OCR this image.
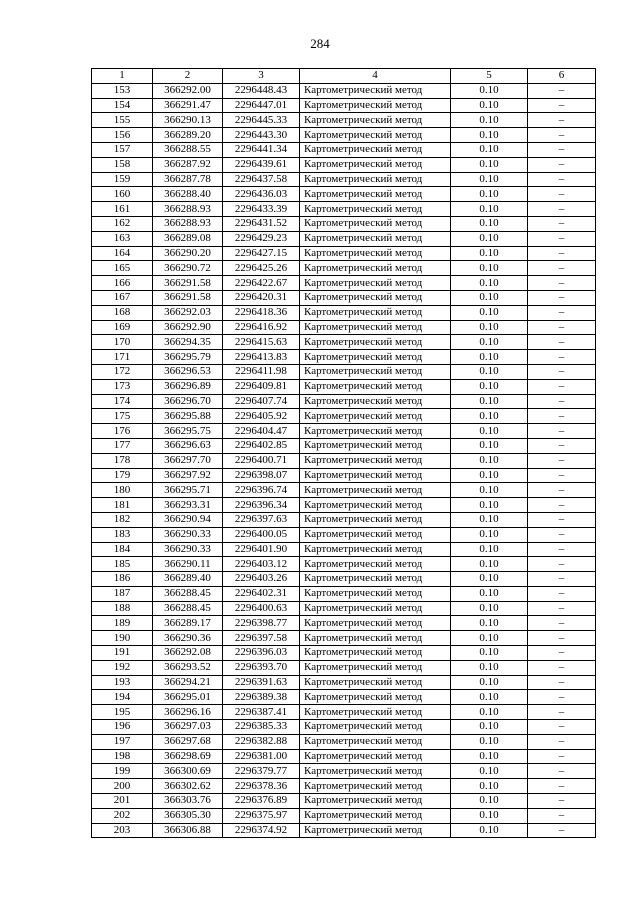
284
1	2	3	4	5	6
153	366292.00	2296448.43	Картометрический метод	0.10	–
154	366291.47	2296447.01	Картометрический метод	0.10	–
155	366290.13	2296445.33	Картометрический метод	0.10	–
156	366289.20	2296443.30	Картометрический метод	0.10	–
157	366288.55	2296441.34	Картометрический метод	0.10	–
158	366287.92	2296439.61	Картометрический метод	0.10	–
159	366287.78	2296437.58	Картометрический метод	0.10	–
160	366288.40	2296436.03	Картометрический метод	0.10	–
161	366288.93	2296433.39	Картометрический метод	0.10	–
162	366288.93	2296431.52	Картометрический метод	0.10	–
163	366289.08	2296429.23	Картометрический метод	0.10	–
164	366290.20	2296427.15	Картометрический метод	0.10	–
165	366290.72	2296425.26	Картометрический метод	0.10	–
166	366291.58	2296422.67	Картометрический метод	0.10	–
167	366291.58	2296420.31	Картометрический метод	0.10	–
168	366292.03	2296418.36	Картометрический метод	0.10	–
169	366292.90	2296416.92	Картометрический метод	0.10	–
170	366294.35	2296415.63	Картометрический метод	0.10	–
171	366295.79	2296413.83	Картометрический метод	0.10	–
172	366296.53	2296411.98	Картометрический метод	0.10	–
173	366296.89	2296409.81	Картометрический метод	0.10	–
174	366296.70	2296407.74	Картометрический метод	0.10	–
175	366295.88	2296405.92	Картометрический метод	0.10	–
176	366295.75	2296404.47	Картометрический метод	0.10	–
177	366296.63	2296402.85	Картометрический метод	0.10	–
178	366297.70	2296400.71	Картометрический метод	0.10	–
179	366297.92	2296398.07	Картометрический метод	0.10	–
180	366295.71	2296396.74	Картометрический метод	0.10	–
181	366293.31	2296396.34	Картометрический метод	0.10	–
182	366290.94	2296397.63	Картометрический метод	0.10	–
183	366290.33	2296400.05	Картометрический метод	0.10	–
184	366290.33	2296401.90	Картометрический метод	0.10	–
185	366290.11	2296403.12	Картометрический метод	0.10	–
186	366289.40	2296403.26	Картометрический метод	0.10	–
187	366288.45	2296402.31	Картометрический метод	0.10	–
188	366288.45	2296400.63	Картометрический метод	0.10	–
189	366289.17	2296398.77	Картометрический метод	0.10	–
190	366290.36	2296397.58	Картометрический метод	0.10	–
191	366292.08	2296396.03	Картометрический метод	0.10	–
192	366293.52	2296393.70	Картометрический метод	0.10	–
193	366294.21	2296391.63	Картометрический метод	0.10	–
194	366295.01	2296389.38	Картометрический метод	0.10	–
195	366296.16	2296387.41	Картометрический метод	0.10	–
196	366297.03	2296385.33	Картометрический метод	0.10	–
197	366297.68	2296382.88	Картометрический метод	0.10	–
198	366298.69	2296381.00	Картометрический метод	0.10	–
199	366300.69	2296379.77	Картометрический метод	0.10	–
200	366302.62	2296378.36	Картометрический метод	0.10	–
201	366303.76	2296376.89	Картометрический метод	0.10	–
202	366305.30	2296375.97	Картометрический метод	0.10	–
203	366306.88	2296374.92	Картометрический метод	0.10	–
